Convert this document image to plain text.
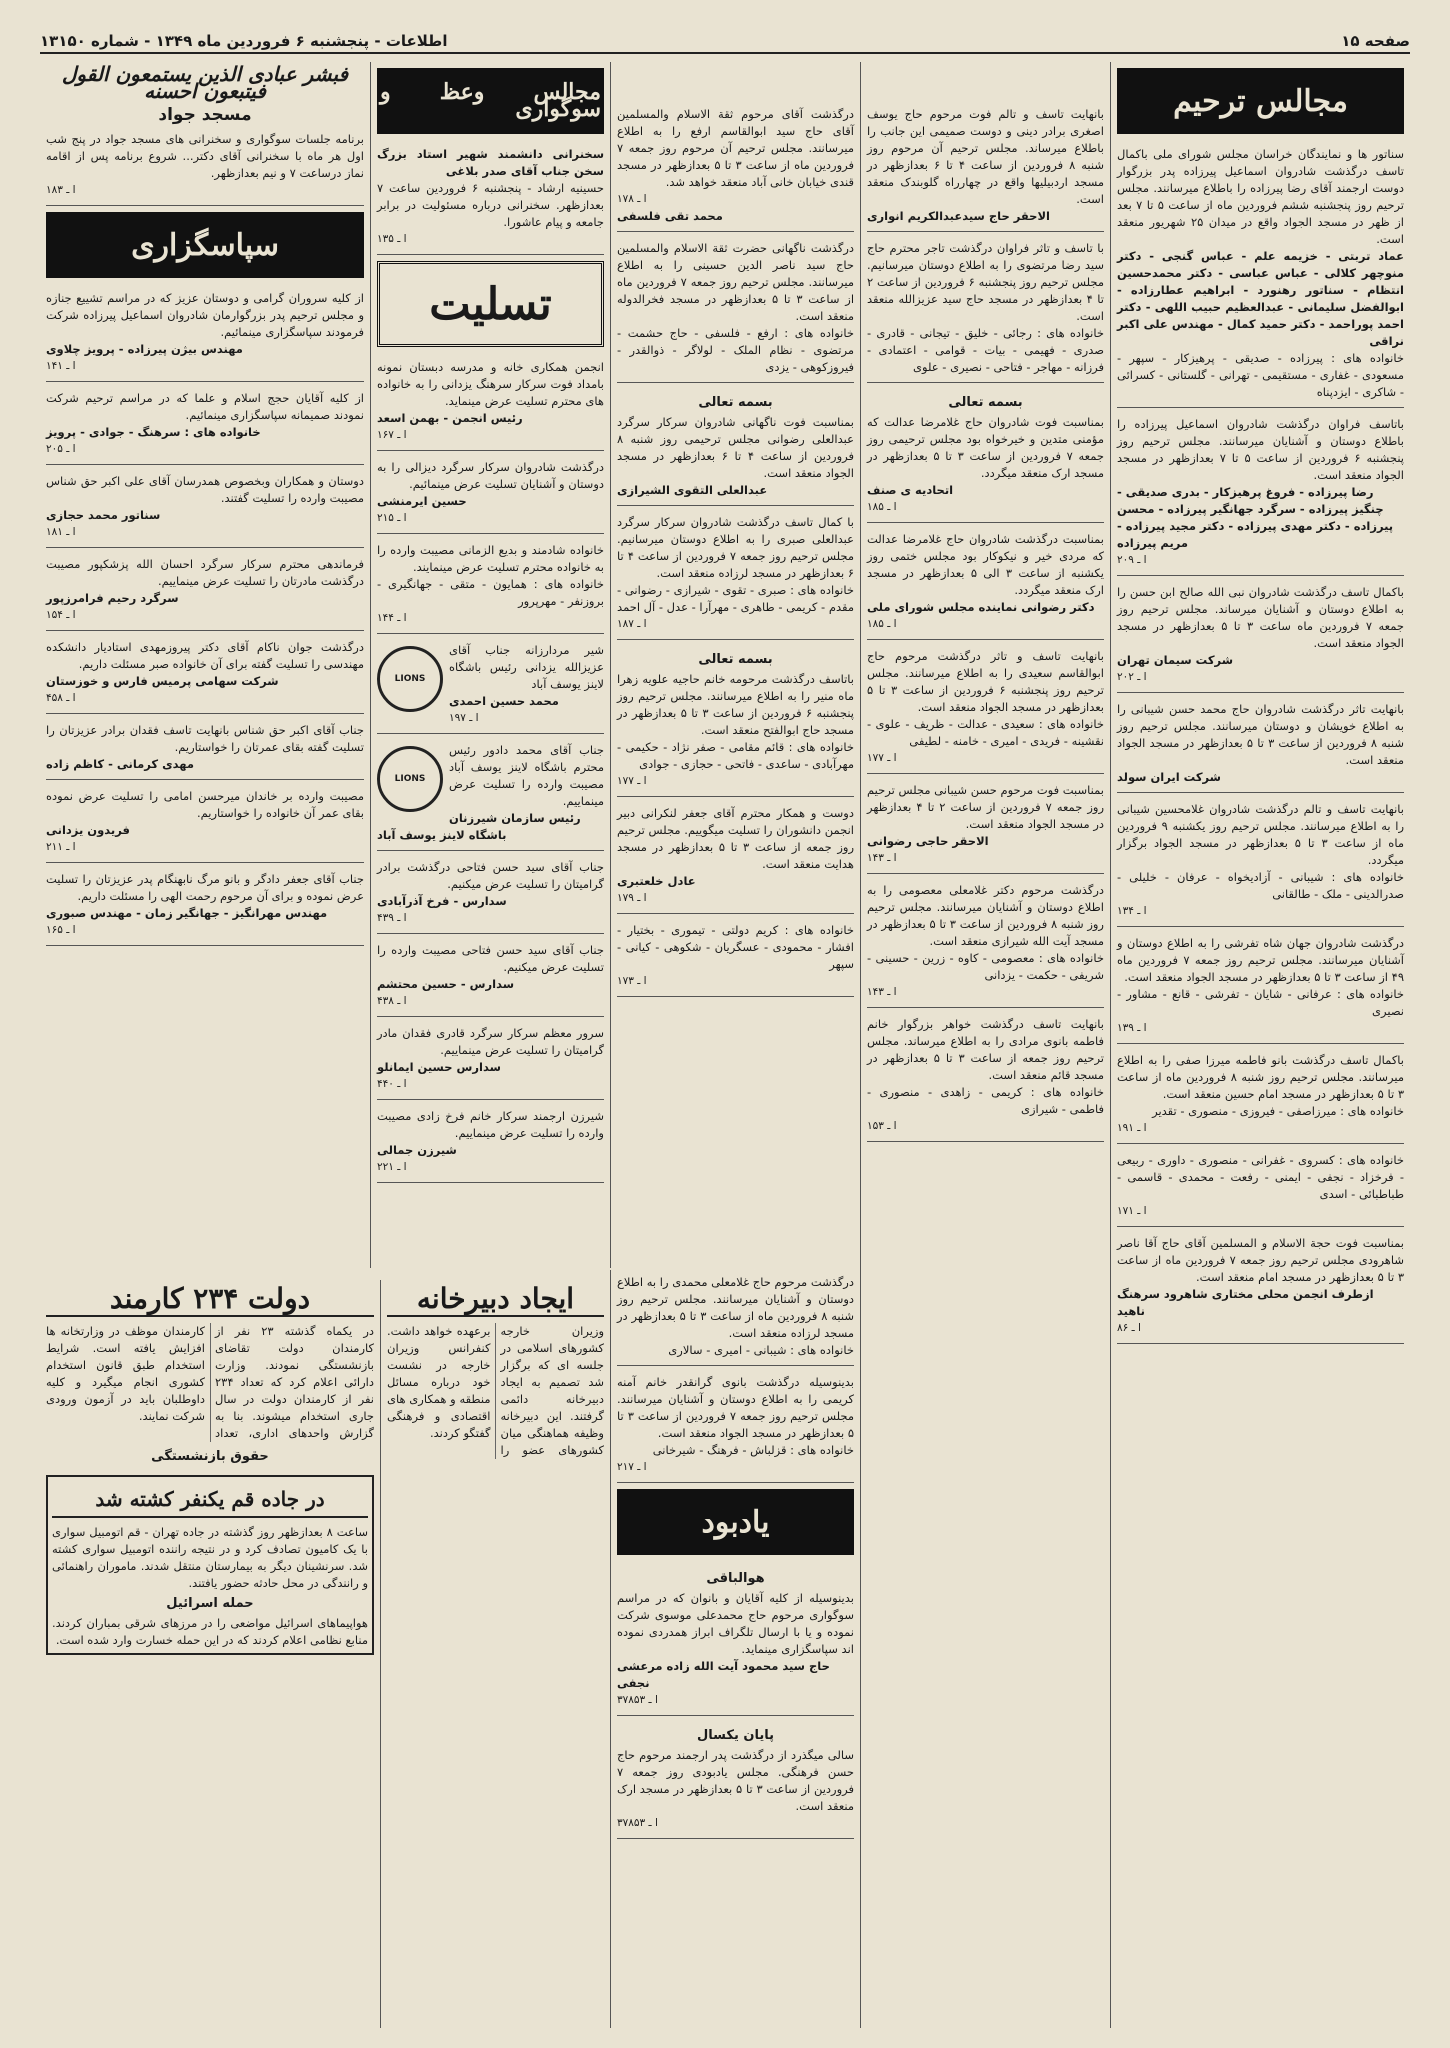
صفحه ۱۵
اطلاعات - پنجشنبه ۶ فروردین ماه ۱۳۴۹ - شماره ۱۳۱۵۰
مجالس ترحیم

سناتور ها و نمایندگان خراسان مجلس شورای ملی باکمال تاسف درگذشت شادروان اسماعیل پیرزاده پدر بزرگوار دوست ارجمند آقای رضا پیرزاده را باطلاع میرسانند. مجلس ترحیم روز پنجشنبه ششم فروردین ماه از ساعت ۵ تا ۷ بعد از ظهر در مسجد الجواد واقع در میدان ۲۵ شهریور منعقد است.

عماد تربتی - خزیمه علم - عباس گنجی - دکتر منوچهر کلالی - عباس عباسی - دکتر محمدحسین انتظام - سناتور رهنورد - ابراهیم عطارزاده - ابوالفضل سلیمانی - عبدالعظیم حبیب اللهی - دکتر احمد پوراحمد - دکتر حمید کمال - مهندس علی اکبر نراقی

خانواده های : پیرزاده - صدیقی - پرهیزکار - سپهر - مسعودی - غفاری - مستقیمی - تهرانی - گلستانی - کسرائی - شاکری - ایزدپناه

باتاسف فراوان درگذشت شادروان اسماعیل پیرزاده را باطلاع دوستان و آشنایان میرسانند. مجلس ترحیم روز پنجشنبه ۶ فروردین از ساعت ۵ تا ۷ بعدازظهر در مسجد الجواد منعقد است.

رضا پیرزاده - فروغ پرهیزکار - بدری صدیقی - چنگیز پیرزاده - سرگرد جهانگیر پیرزاده - محسن پیرزاده - دکتر مهدی پیرزاده - دکتر مجید پیرزاده - مریم پیرزاده

ا ـ ۲۰۹

باکمال تاسف درگذشت شادروان نبی الله صالح ابن حسن را به اطلاع دوستان و آشنایان میرساند. مجلس ترحیم روز جمعه ۷ فروردین ماه ساعت ۳ تا ۵ بعدازظهر در مسجد الجواد منعقد است.

شرکت سیمان تهران

ا ـ ۲۰۲

بانهایت تاثر درگذشت شادروان حاج محمد حسن شیبانی را به اطلاع خویشان و دوستان میرسانند. مجلس ترحیم روز شنبه ۸ فروردین از ساعت ۳ تا ۵ بعدازظهر در مسجد الجواد منعقد است.

شرکت ایران سولد

بانهایت تاسف و تالم درگذشت شادروان غلامحسین شیبانی را به اطلاع میرسانند. مجلس ترحیم روز یکشنبه ۹ فروردین ماه از ساعت ۳ تا ۵ بعدازظهر در مسجد الجواد برگزار میگردد.

خانواده های : شیبانی - آزادیخواه - عرفان - خلیلی - صدرالدینی - ملک - طالقانی

ا ـ ۱۳۴

درگذشت شادروان جهان شاه تفرشی را به اطلاع دوستان و آشنایان میرسانند. مجلس ترحیم روز جمعه ۷ فروردین ماه ۴۹ از ساعت ۳ تا ۵ بعدازظهر در مسجد الجواد منعقد است.

خانواده های : عرفانی - شایان - تفرشی - قانع - مشاور - نصیری

ا ـ ۱۳۹

باکمال تاسف درگذشت بانو فاطمه میرزا صفی را به اطلاع میرسانند. مجلس ترحیم روز شنبه ۸ فروردین ماه از ساعت ۳ تا ۵ بعدازظهر در مسجد امام حسین منعقد است.

خانواده های : میرزاصفی - فیروزی - منصوری - تقدیر

ا ـ ۱۹۱

خانواده های : کسروی - غفرانی - منصوری - داوری - ربیعی - فرخزاد - نجفی - ایمنی - رفعت - محمدی - قاسمی - طباطبائی - اسدی

ا ـ ۱۷۱

بمناسبت فوت حجة الاسلام و المسلمین آقای حاج آقا ناصر شاهرودی مجلس ترحیم روز جمعه ۷ فروردین ماه از ساعت ۳ تا ۵ بعدازظهر در مسجد امام منعقد است.

ازطرف انجمن محلی مختاری شاهرود سرهنگ ناهید

ا ـ ۸۶

بانهایت تاسف و تالم فوت مرحوم حاج یوسف اصغری برادر دینی و دوست صمیمی این جانب را باطلاع میرساند. مجلس ترحیم آن مرحوم روز شنبه ۸ فروردین از ساعت ۴ تا ۶ بعدازظهر در مسجد اردبیلیها واقع در چهارراه گلوبندک منعقد است.

الاحقر حاج سیدعبدالکریم انواری

با تاسف و تاثر فراوان درگذشت تاجر محترم حاج سید رضا مرتضوی را به اطلاع دوستان میرسانیم. مجلس ترحیم روز پنجشنبه ۶ فروردین از ساعت ۲ تا ۴ بعدازظهر در مسجد حاج سید عزیزالله منعقد است.

خانواده های : رجائی - خلیق - تیجانی - قادری - صدری - فهیمی - بیات - قوامی - اعتمادی - فرزانه - مهاجر - فتاحی - نصیری - علوی

بسمه تعالی

بمناسبت فوت شادروان حاج غلامرضا عدالت که مؤمنی متدین و خیرخواه بود مجلس ترحیمی روز جمعه ۷ فروردین از ساعت ۳ تا ۵ بعدازظهر در مسجد ارک منعقد میگردد.

اتحادیه ی صنف

ا ـ ۱۸۵

بمناسبت درگذشت شادروان حاج غلامرضا عدالت که مردی خیر و نیکوکار بود مجلس ختمی روز یکشنبه از ساعت ۳ الی ۵ بعدازظهر در مسجد ارک منعقد میگردد.

دکتر رضوانی نماینده مجلس شورای ملی

ا ـ ۱۸۵

بانهایت تاسف و تاثر درگذشت مرحوم حاج ابوالقاسم سعیدی را به اطلاع میرسانند. مجلس ترحیم روز پنجشنبه ۶ فروردین از ساعت ۳ تا ۵ بعدازظهر در مسجد الجواد منعقد است.

خانواده های : سعیدی - عدالت - ظریف - علوی - نقشینه - فریدی - امیری - خامنه - لطیفی

ا ـ ۱۷۷

بمناسبت فوت مرحوم حسن شیبانی مجلس ترحیم روز جمعه ۷ فروردین از ساعت ۲ تا ۴ بعدازظهر در مسجد الجواد منعقد است.

الاحقر حاجی رضوانی

ا ـ ۱۴۳

درگذشت مرحوم دکتر غلامعلی معصومی را به اطلاع دوستان و آشنایان میرسانند. مجلس ترحیم روز شنبه ۸ فروردین از ساعت ۳ تا ۵ بعدازظهر در مسجد آیت الله شیرازی منعقد است.

خانواده های : معصومی - کاوه - زرین - حسینی - شریفی - حکمت - یزدانی

ا ـ ۱۴۳

بانهایت تاسف درگذشت خواهر بزرگوار خانم فاطمه بانوی مرادی را به اطلاع میرساند. مجلس ترحیم روز جمعه از ساعت ۳ تا ۵ بعدازظهر در مسجد قائم منعقد است.

خانواده های : کریمی - زاهدی - منصوری - فاطمی - شیرازی

ا ـ ۱۵۳

درگذشت آقای مرحوم ثقة الاسلام والمسلمین آقای حاج سید ابوالقاسم ارفع را به اطلاع میرسانند. مجلس ترحیم آن مرحوم روز جمعه ۷ فروردین ماه از ساعت ۳ تا ۵ بعدازظهر در مسجد قندی خیابان خانی آباد منعقد خواهد شد.

ا ـ ۱۷۸

محمد تقی فلسفی

درگذشت ناگهانی حضرت ثقة الاسلام والمسلمین حاج سید ناصر الدین حسینی را به اطلاع میرسانند. مجلس ترحیم روز جمعه ۷ فروردین ماه از ساعت ۳ تا ۵ بعدازظهر در مسجد فخرالدوله منعقد است.

خانواده های : ارفع - فلسفی - حاج حشمت - مرتضوی - نظام الملک - لولاگر - ذوالقدر - فیروزکوهی - یزدی

بسمه تعالی

بمناسبت فوت ناگهانی شادروان سرکار سرگرد عبدالعلی رضوانی مجلس ترحیمی روز شنبه ۸ فروردین از ساعت ۴ تا ۶ بعدازظهر در مسجد الجواد منعقد است.

عبدالعلی التقوی الشیرازی

با کمال تاسف درگذشت شادروان سرکار سرگرد عبدالعلی صبری را به اطلاع دوستان میرسانیم. مجلس ترحیم روز جمعه ۷ فروردین از ساعت ۴ تا ۶ بعدازظهر در مسجد لرزاده منعقد است.

خانواده های : صبری - تقوی - شیرازی - رضوانی - مقدم - کریمی - طاهری - مهرآرا - عدل - آل احمد

ا ـ ۱۸۷

بسمه تعالی

باتاسف درگذشت مرحومه خانم حاجیه علویه زهرا ماه منیر را به اطلاع میرسانند. مجلس ترحیم روز پنجشنبه ۶ فروردین از ساعت ۳ تا ۵ بعدازظهر در مسجد حاج ابوالفتح منعقد است.

خانواده های : قائم مقامی - صفر نژاد - حکیمی - مهرآبادی - ساعدی - فاتحی - حجازی - جوادی

ا ـ ۱۷۷

دوست و همکار محترم آقای جعفر لنکرانی دبیر انجمن دانشوران را تسلیت میگوییم. مجلس ترحیم روز جمعه از ساعت ۳ تا ۵ بعدازظهر در مسجد هدایت منعقد است.

عادل خلعتبری

ا ـ ۱۷۹

خانواده های : کریم دولتی - تیموری - بختیار - افشار - محمودی - عسگریان - شکوهی - کیانی - سپهر

ا ـ ۱۷۳

درگذشت مرحوم حاج غلامعلی محمدی را به اطلاع دوستان و آشنایان میرسانند. مجلس ترحیم روز شنبه ۸ فروردین ماه از ساعت ۳ تا ۵ بعدازظهر در مسجد لرزاده منعقد است.

خانواده های : شیبانی - امیری - سالاری

بدینوسیله درگذشت بانوی گرانقدر خانم آمنه کریمی را به اطلاع دوستان و آشنایان میرسانند. مجلس ترحیم روز جمعه ۷ فروردین از ساعت ۳ تا ۵ بعدازظهر در مسجد الجواد منعقد است.

خانواده های : قزلباش - فرهنگ - شیرخانی

ا ـ ۲۱۷

یادبود
هوالباقی

بدینوسیله از کلیه آقایان و بانوان که در مراسم سوگواری مرحوم حاج محمدعلی موسوی شرکت نموده و یا با ارسال تلگراف ابراز همدردی نموده اند سپاسگزاری مینماید.

حاج سید محمود آیت الله زاده مرعشی نجفی

ا ـ ۳۷۸۵۳

پایان یکسال

سالی میگذرد از درگذشت پدر ارجمند مرحوم حاج حسن فرهنگی. مجلس یادبودی روز جمعه ۷ فروردین از ساعت ۳ تا ۵ بعدازظهر در مسجد ارک منعقد است.

ا ـ ۳۷۸۵۳

مجالس وعظ و سوگواری

سخنرانی دانشمند شهیر استاد بزرگ سخن جناب آقای صدر بلاغی

حسینیه ارشاد - پنجشنبه ۶ فروردین ساعت ۷ بعدازظهر. سخنرانی درباره مسئولیت در برابر جامعه و پیام عاشورا.

ا ـ ۱۳۵

تسلیت

انجمن همکاری خانه و مدرسه دبستان نمونه بامداد فوت سرکار سرهنگ یزدانی را به خانواده های محترم تسلیت عرض مینماید.

رئیس انجمن - بهمن اسعد

ا ـ ۱۶۷

درگذشت شادروان سرکار سرگرد دیزالی را به دوستان و آشنایان تسلیت عرض مینمائیم.

حسین ایرمنشی

ا ـ ۲۱۵

خانواده شادمند و بدیع الزمانی مصیبت وارده را به خانواده محترم تسلیت عرض مینمایند.

خانواده های : همایون - متقی - جهانگیری - بروزنفر - مهرپرور

ا ـ ۱۴۴

LIONS

شیر مردارزانه جناب آقای عزیزالله یزدانی رئیس باشگاه لاینز یوسف آباد

محمد حسین احمدی

ا ـ ۱۹۷

LIONS

جناب آقای محمد دادور رئیس محترم باشگاه لاینز یوسف آباد مصیبت وارده را تسلیت عرض مینماییم.

رئیس سازمان شیرزنان باشگاه لاینز یوسف آباد

جناب آقای سید حسن فتاحی درگذشت برادر گرامیتان را تسلیت عرض میکنیم.

سدارس - فرخ آذرآبادی

ا ـ ۴۳۹

جناب آقای سید حسن فتاحی مصیبت وارده را تسلیت عرض میکنیم.

سدارس - حسین محتشم

ا ـ ۴۳۸

سرور معظم سرکار سرگرد قادری فقدان مادر گرامیتان را تسلیت عرض مینماییم.

سدارس حسین ایمانلو

ا ـ ۴۴۰

شیرزن ارجمند سرکار خانم فرخ زادی مصیبت وارده را تسلیت عرض مینماییم.

شیرزن جمالی

ا ـ ۲۲۱

فبشر عبادی الذین یستمعون القول فیتبعون احسنه
مسجد جواد

برنامه جلسات سوگواری و سخنرانی های مسجد جواد در پنج شب اول هر ماه با سخنرانی آقای دکتر... شروع برنامه پس از اقامه نماز درساعت ۷ و نیم بعدازظهر.

ا ـ ۱۸۳

سپاسگزاری

از کلیه سروران گرامی و دوستان عزیز که در مراسم تشییع جنازه و مجلس ترحیم پدر بزرگوارمان شادروان اسماعیل پیرزاده شرکت فرمودند سپاسگزاری مینمائیم.

مهندس بیژن پیرزاده - پرویز چلاوی

ا ـ ۱۴۱

از کلیه آقایان حجج اسلام و علما که در مراسم ترحیم شرکت نمودند صمیمانه سپاسگزاری مینمائیم.

خانواده های : سرهنگ - جوادی - پرویز

ا ـ ۲۰۵

دوستان و همکاران وبخصوص همدرسان آقای علی اکبر حق شناس مصیبت وارده را تسلیت گفتند.

سناتور محمد حجازی

ا ـ ۱۸۱

فرماندهی محترم سرکار سرگرد احسان الله پزشکپور مصیبت درگذشت مادرتان را تسلیت عرض مینماییم.

سرگرد رحیم فرامرزپور

ا ـ ۱۵۴

درگذشت جوان ناکام آقای دکتر پیروزمهدی استادیار دانشکده مهندسی را تسلیت گفته برای آن خانواده صبر مسئلت داریم.

شرکت سهامی پرمیس فارس و خوزستان

ا ـ ۴۵۸

جناب آقای اکبر حق شناس بانهایت تاسف فقدان برادر عزیزتان را تسلیت گفته بقای عمرتان را خواستاریم.

مهدی کرمانی - کاظم زاده

مصیبت وارده بر خاندان میرحسن امامی را تسلیت عرض نموده بقای عمر آن خانواده را خواستاریم.

فریدون یزدانی

ا ـ ۲۱۱

جناب آقای جعفر دادگر و بانو مرگ نابهنگام پدر عزیزتان را تسلیت عرض نموده و برای آن مرحوم رحمت الهی را مسئلت داریم.

مهندس مهرانگیز - جهانگیر زمان - مهندس صبوری

ا ـ ۱۶۵

ایجاد دبیرخانه

وزیران خارجه کشورهای اسلامی در جلسه ای که برگزار شد تصمیم به ایجاد دبیرخانه دائمی گرفتند. این دبیرخانه وظیفه هماهنگی میان کشورهای عضو را برعهده خواهد داشت. کنفرانس وزیران خارجه در نشست خود درباره مسائل منطقه و همکاری های اقتصادی و فرهنگی گفتگو کردند.

دولت ۲۳۴ کارمند

در یکماه گذشته ۲۳ نفر از کارمندان دولت تقاضای بازنشستگی نمودند. وزارت دارائی اعلام کرد که تعداد ۲۳۴ نفر از کارمندان دولت در سال جاری استخدام میشوند. بنا به گزارش واحدهای اداری، تعداد کارمندان موظف در وزارتخانه ها افزایش یافته است. شرایط استخدام طبق قانون استخدام کشوری انجام میگیرد و کلیه داوطلبان باید در آزمون ورودی شرکت نمایند.

حقوق بازنشستگی
در جاده قم یکنفر کشته شد

ساعت ۸ بعدازظهر روز گذشته در جاده تهران - قم اتومبیل سواری با یک کامیون تصادف کرد و در نتیجه راننده اتومبیل سواری کشته شد. سرنشینان دیگر به بیمارستان منتقل شدند. ماموران راهنمائی و رانندگی در محل حادثه حضور یافتند.

حمله اسرائیل

هواپیماهای اسرائیل مواضعی را در مرزهای شرقی بمباران کردند. منابع نظامی اعلام کردند که در این حمله خسارت وارد شده است.
